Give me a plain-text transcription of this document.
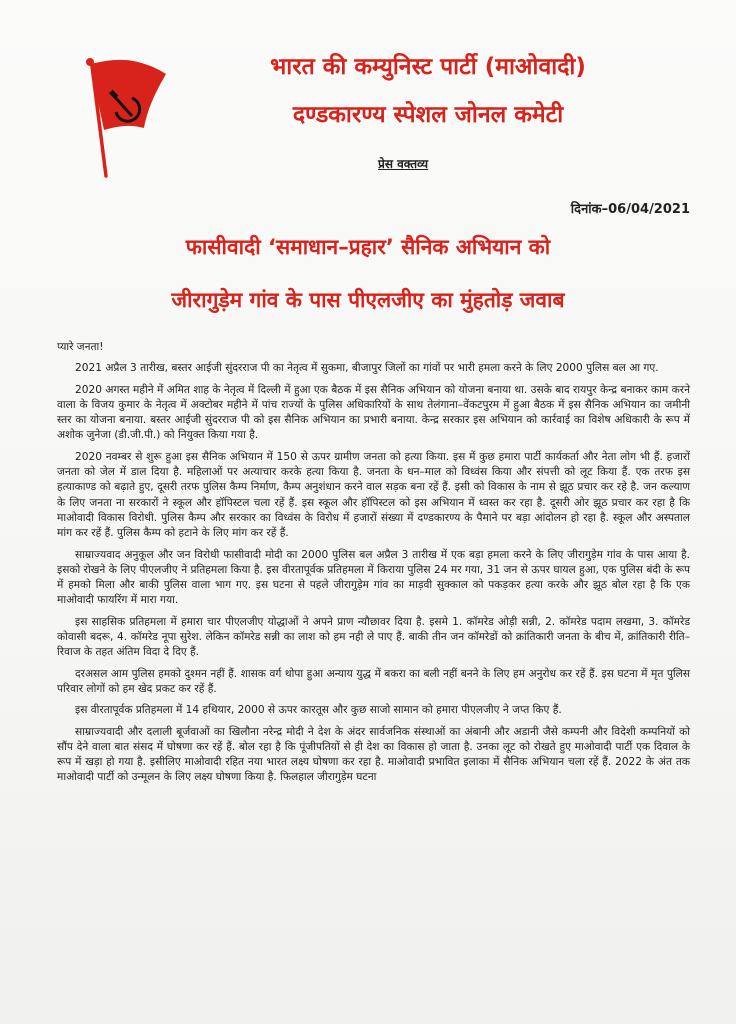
भारत की कम्युनिस्ट पार्टी (माओवादी)
दण्डकारण्य स्पेशल जोनल कमेटी
प्रेस वक्तव्य
दिनांक–06/04/2021
फासीवादी ‘समाधान–प्रहार’ सैनिक अभियान को
जीरागुड़ेम गांव के पास पीएलजीए का मुंहतोड़ जवाब

प्यारे जनता!

2021 अप्रैल 3 तारीख, बस्तर आईजी सुंदरराज पी का नेतृत्व में सुकमा, बीजापुर जिलों का गांवों पर भारी हमला करने के लिए 2000 पुलिस बल आ गए.

2020 अगस्त महीने में अमित शाह के नेतृत्व में दिल्ली में हुआ एक बैठक में इस सैनिक अभियान को योजना बनाया था. उसके बाद रायपुर केन्द्र बनाकर काम करने वाला के विजय कुमार के नेतृत्व में अक्टोबर महीने में पांच राज्यों के पुलिस अधिकारियों के साथ तेलंगाना–वेंकटपुरम में हुआ बैठक में इस सैनिक अभियान का जमीनी स्तर का योजना बनाया. बस्तर आईजी सुंदरराज पी को इस सैनिक अभियान का प्रभारी बनाया. केन्द्र सरकार इस अभियान को कार्रवाई का विशेष अधिकारी के रूप में अशोक जुनेजा (डी.जी.पी.) को नियुक्त किया गया है.

2020 नवम्बर से शुरू हुआ इस सैनिक अभियान में 150 से ऊपर ग्रामीण जनता को हत्या किया. इस में कुछ हमारा पार्टी कार्यकर्ता और नेता लोग भी हैं. हजारों जनता को जेल में डाल दिया है. महिलाओं पर अत्याचार करके हत्या किया है. जनता के धन–माल को विध्वंस किया और संपत्ती को लूट किया हैं. एक तरफ इस हत्याकाण्ड को बढ़ाते हुए, दूसरी तरफ पुलिस कैम्प निर्माण, कैम्प अनुशंधान करने वाल सड़क बना रहें हैं. इसी को विकास के नाम से झूठ प्रचार कर रहे है. जन कल्याण के लिए जनता ना सरकारों ने स्कूल और हॉपिस्टल चला रहें हैं. इस स्कूल और हॉपिस्टल को इस अभियान में ध्वस्त कर रहा है. दूसरी ओर झूठ प्रचार कर रहा है कि माओवादी विकास विरोधी. पुलिस कैम्प और सरकार का विध्वंस के विरोध में हजारों संख्या में दण्डकारण्य के पैमाने पर बड़ा आंदोलन हो रहा है. स्कूल और अस्पताल मांग कर रहें हैं. पुलिस कैम्प को हटाने के लिए मांग कर रहें हैं.

साम्राज्यवाद अनुकूल और जन विरोधी फासीवादी मोदी का 2000 पुलिस बल अप्रैल 3 तारीख में एक बड़ा हमला करने के लिए जीरागुड़ेम गांव के पास आया है. इसको रोखने के लिए पीएलजीए ने प्रतिहमला किया है. इस वीरतापूर्वक प्रतिहमला में किराया पुलिस 24 मर गया, 31 जन से ऊपर घायल हुआ, एक पुलिस बंदी के रूप में हमको मिला और बाकी पुलिस वाला भाग गए. इस घटना से पहले जीरागुड़ेम गांव का माड़वी सुक्काल को पकड़कर हत्या करके और झूठ बोल रहा है कि एक माओवादी फायरिंग में मारा गया.

इस साहसिक प्रतिहमला में हमारा चार पीएलजीए योद्धाओं ने अपने प्राण न्यौछावर दिया है. इसमे 1. कॉमरेड ओड़ी सन्नी, 2. कॉमरेड पदाम लखमा, 3. कॉमरेड कोवासी बदरू, 4. कॉमरेड नूपा सुरेश. लेकिन कॉमरेड सन्नी का लाश को हम नही ले पाए हैं. बाकी तीन जन कॉमरेडों को क्रांतिकारी जनता के बीच में, क्रांतिकारी रीति–रिवाज के तहत अंतिम विदा दे दिए हैं.

दरअसल आम पुलिस हमको दुश्मन नहीं हैं. शासक वर्ग थोपा हुआ अन्याय युद्ध में बकरा का बली नहीं बनने के लिए हम अनुरोध कर रहें हैं. इस घटना में मृत पुलिस परिवार लोगों को हम खेद प्रकट कर रहें हैं.

इस वीरतापूर्वक प्रतिहमला में 14 हथियार, 2000 से ऊपर कारतूस और कुछ साजो सामान को हमारा पीएलजीए ने जप्त किए हैं.

साम्राज्यवादी और दलाली बूर्जवाओं का खिलौना नरेन्द्र मोदी ने देश के अंदर सार्वजनिक संस्थाओं का अंबानी और अडानी जैसे कम्पनी और विदेशी कम्पनियों को सौंप देने वाला बात संसद में घोषणा कर रहें हैं. बोल रहा है कि पूंजीपतियों से ही देश का विकास हो जाता है. उनका लूट को रोखते हुए माओवादी पार्टी एक दिवाल के रूप में खड़ा हो गया है. इसीलिए माओवादी रहित नया भारत लक्ष्य घोषणा कर रहा है. माओवादी प्रभावित इलाका में सैनिक अभियान चला रहें हैं. 2022 के अंत तक माओवादी पार्टी को उन्मूलन के लिए लक्ष्य घोषणा किया है. फिलहाल जीरागुड़ेम घटना
